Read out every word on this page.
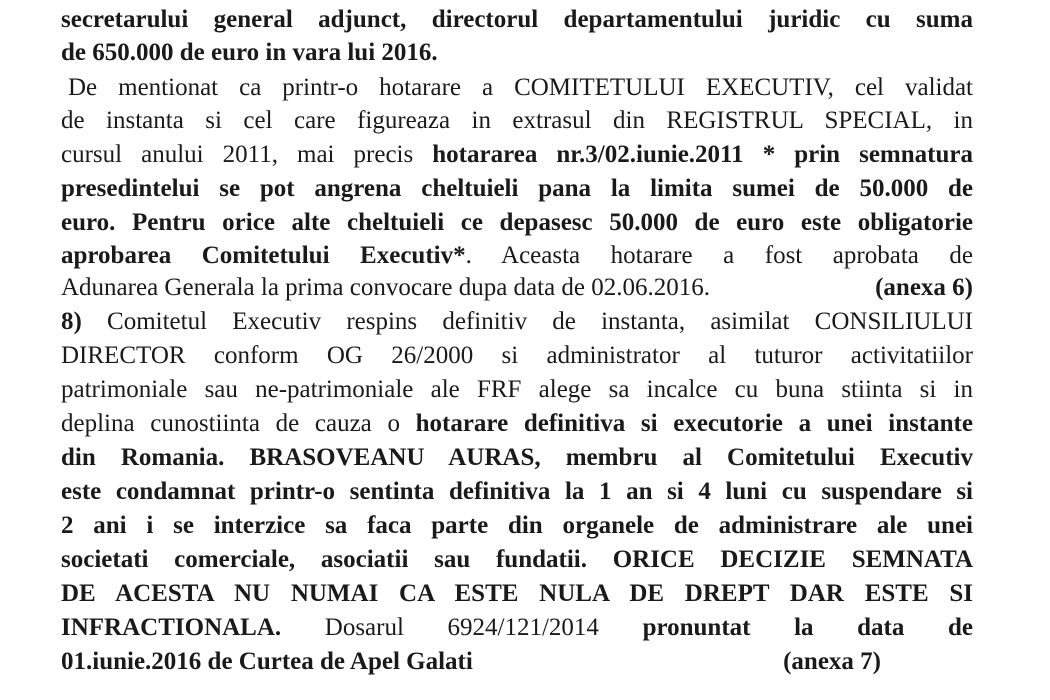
secretarului general adjunct, directorul departamentului juridic cu suma
de 650.000 de euro in vara lui 2016.
De mentionat ca printr-o hotarare a COMITETULUI EXECUTIV, cel validat
de instanta si cel care figureaza in extrasul din REGISTRUL SPECIAL, in
cursul anului 2011, mai precis hotararea nr.3/02.iunie.2011 * prin semnatura
presedintelui se pot angrena cheltuieli pana la limita sumei de 50.000 de
euro. Pentru orice alte cheltuieli ce depasesc 50.000 de euro este obligatorie
aprobarea Comitetului Executiv*. Aceasta hotarare a fost aprobata de
Adunarea Generala la prima convocare dupa data de 02.06.2016.	(anexa 6)
8) Comitetul Executiv respins definitiv de instanta, asimilat CONSILIULUI
DIRECTOR conform OG 26/2000 si administrator al tuturor activitatiilor
patrimoniale sau ne-patrimoniale ale FRF alege sa incalce cu buna stiinta si in
deplina cunostiinta de cauza o hotarare definitiva si executorie a unei instante
din Romania. BRASOVEANU AURAS, membru al Comitetului Executiv
este condamnat printr-o sentinta definitiva la 1 an si 4 luni cu suspendare si
2 ani i se interzice sa faca parte din organele de administrare ale unei
societati comerciale, asociatii sau fundatii. ORICE DECIZIE SEMNATA
DE ACESTA NU NUMAI CA ESTE NULA DE DREPT DAR ESTE SI
INFRACTIONALA. Dosarul 6924/121/2014 pronuntat la data de
01.iunie.2016 de Curtea de Apel Galati	(anexa 7)
